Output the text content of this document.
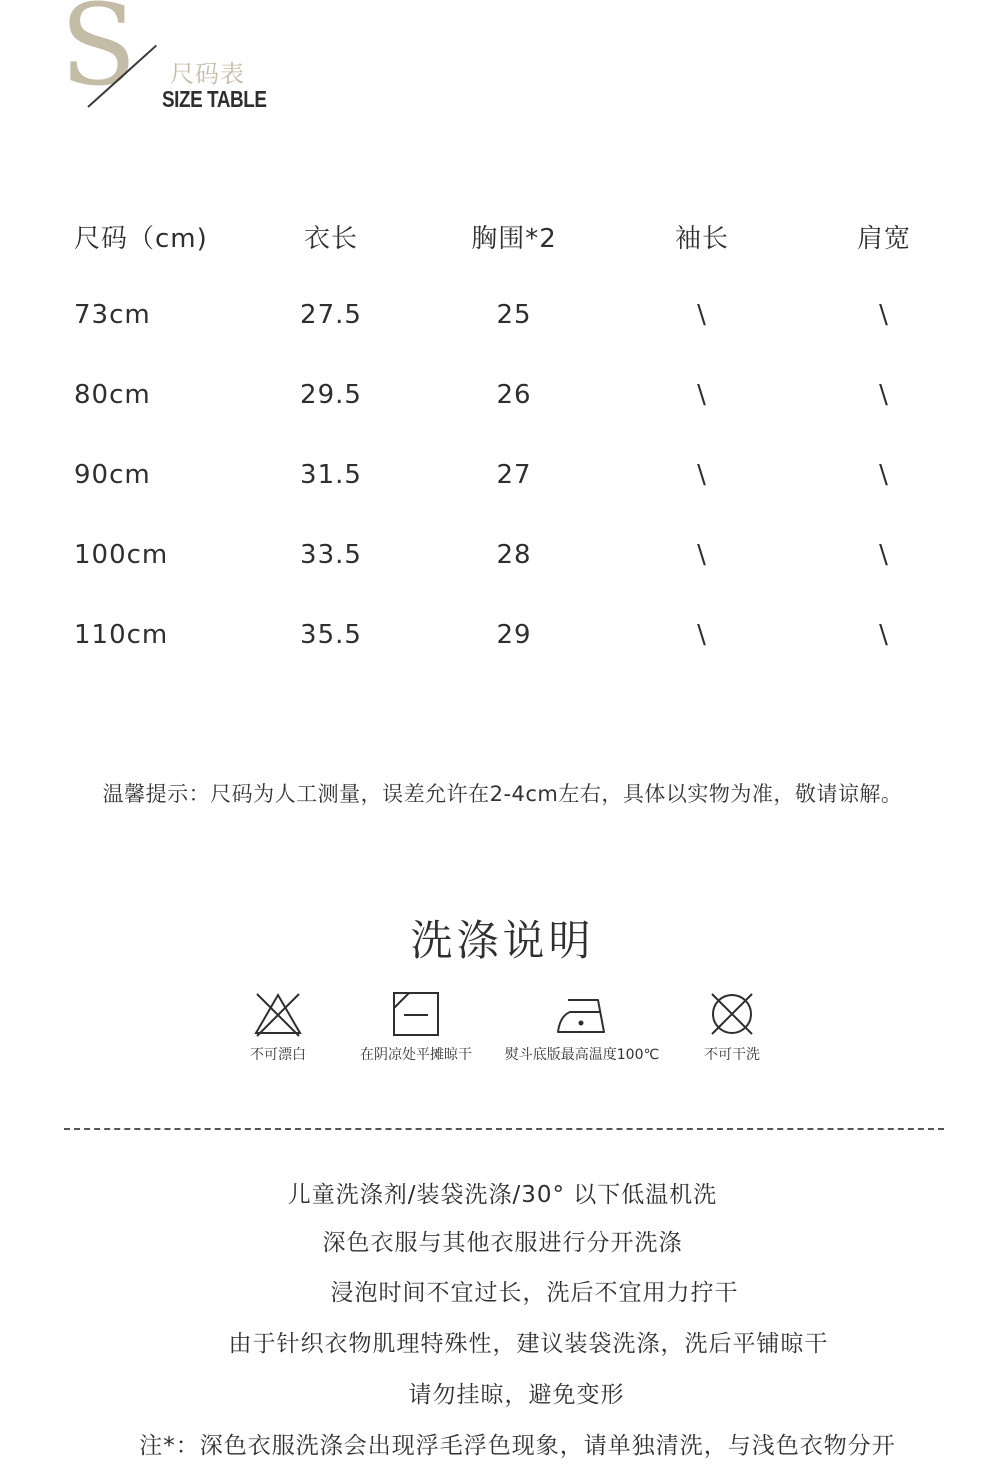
S 尺码表
SIZE TABLE
尺码（cm)	衣长	胸围*2	袖长	肩宽
73cm	27.5	25	\	\
80cm	29.5	26	\	\
90cm	31.5	27	\	\
100cm	33.5	28	\	\
110cm	35.5	29	\	\
温馨提示：尺码为人工测量，误差允许在2-4cm左右，具体以实物为准，敬请谅解。
洗涤说明
不可漂白	在阴凉处平摊晾干	熨斗底版最高温度100℃	不可干洗
儿童洗涤剂/装袋洗涤/30° 以下低温机洗
深色衣服与其他衣服进行分开洗涤
浸泡时间不宜过长，洗后不宜用力拧干
由于针织衣物肌理特殊性，建议装袋洗涤，洗后平铺晾干
请勿挂晾，避免变形
注*：深色衣服洗涤会出现浮毛浮色现象，请单独清洗，与浅色衣物分开
